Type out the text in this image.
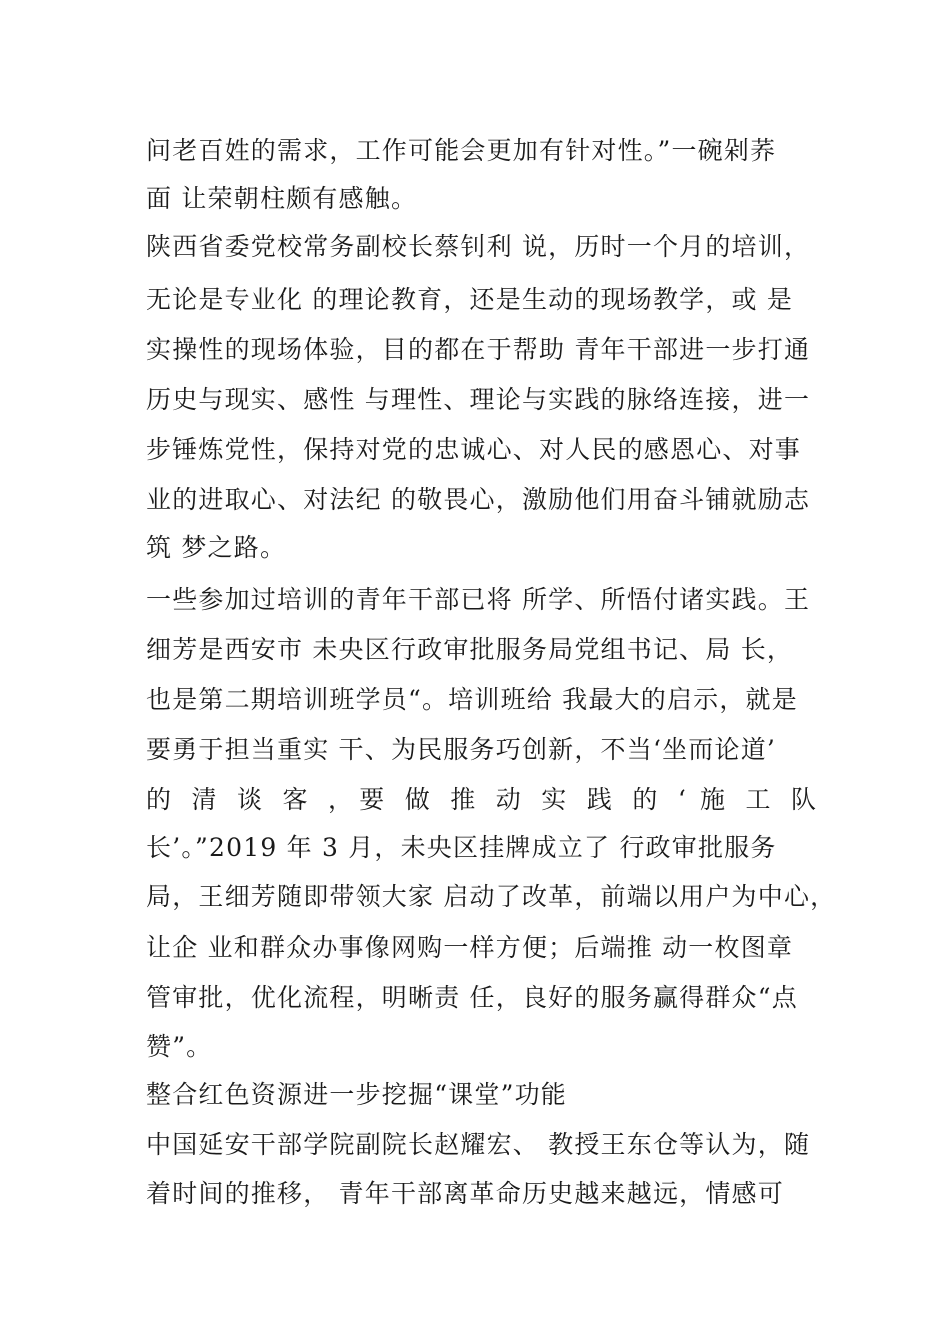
问老百姓的需求，工作可能会更加有针对性。”一碗剁荞
面 让荣朝柱颇有感触。
陕西省委党校常务副校长蔡钊利 说，历时一个月的培训，
无论是专业化 的理论教育，还是生动的现场教学，或 是
实操性的现场体验，目的都在于帮助 青年干部进一步打通
历史与现实、感性 与理性、理论与实践的脉络连接，进一
步锤炼党性，保持对党的忠诚心、对人民的感恩心、对事
业的进取心、对法纪 的敬畏心，激励他们用奋斗铺就励志
筑 梦之路。
一些参加过培训的青年干部已将 所学、所悟付诸实践。王
细芳是西安市 未央区行政审批服务局党组书记、局 长，
也是第二期培训班学员“。培训班给 我最大的启示，就是
要勇于担当重实 干、为民服务巧创新，不当‘坐而论道’
的 清 谈 客 ，要 做 推 动 实 践 的 ‘ 施 工 队
长’。”2019 年 3 月，未央区挂牌成立了 行政审批服务
局，王细芳随即带领大家 启动了改革，前端以用户为中心，
让企 业和群众办事像网购一样方便；后端推 动一枚图章
管审批，优化流程，明晰责 任，良好的服务赢得群众“点
赞”。
整合红色资源进一步挖掘“课堂”功能
中国延安干部学院副院长赵耀宏、 教授王东仓等认为，随
着时间的推移， 青年干部离革命历史越来越远，情感可
